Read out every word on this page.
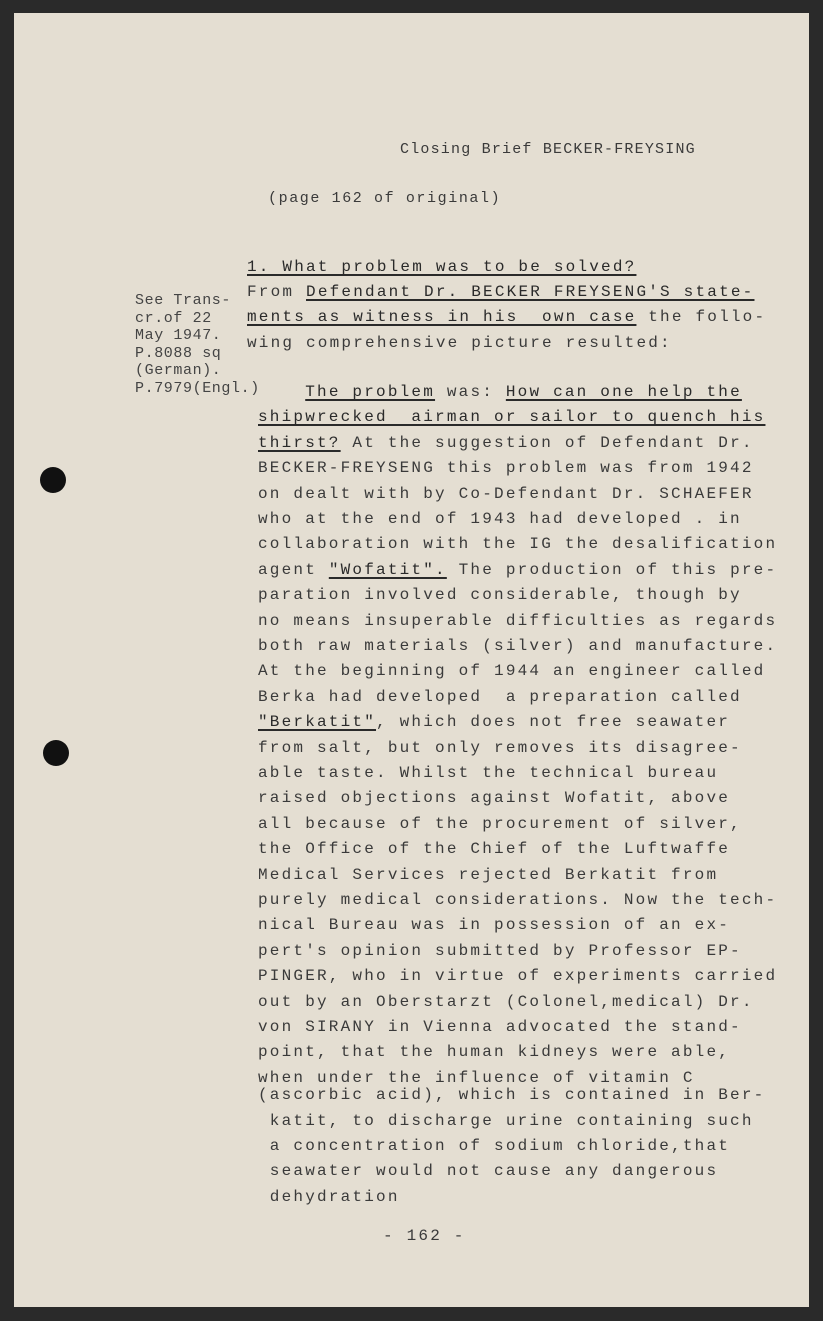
Closing Brief BECKER-FREYSING
(page 162 of original)
1. What problem was to be solved?
From Defendant Dr. BECKER FREYSENG'S state-
ments as witness in his  own case the follo-
wing comprehensive picture resulted:
See Trans-
cr.of 22
May 1947.
P.8088 sq
(German).
P.7979(Engl.)	The problem was: How can one help the
shipwrecked  airman or sailor to quench his
thirst? At the suggestion of Defendant Dr.
BECKER-FREYSENG this problem was from 1942
on dealt with by Co-Defendant Dr. SCHAEFER
who at the end of 1943 had developed . in
collaboration with the IG the desalification
agent "Wofatit". The production of this pre-
paration involved considerable, though by
no means insuperable difficulties as regards
both raw materials (silver) and manufacture.
At the beginning of 1944 an engineer called
Berka had developed  a preparation called
"Berkatit", which does not free seawater
from salt, but only removes its disagree-
able taste. Whilst the technical bureau
raised objections against Wofatit, above
all because of the procurement of silver,
the Office of the Chief of the Luftwaffe
Medical Services rejected Berkatit from
purely medical considerations. Now the tech-
nical Bureau was in possession of an ex-
pert's opinion submitted by Professor EP-
PINGER, who in virtue of experiments carried
out by an Oberstarzt (Colonel,medical) Dr.
von SIRANY in Vienna advocated the stand-
point, that the human kidneys were able,
when under the influence of vitamin C
(ascorbic acid), which is contained in Ber-
katit, to discharge urine containing such
a concentration of sodium chloride,that
seawater would not cause any dangerous
dehydration
- 162 -
